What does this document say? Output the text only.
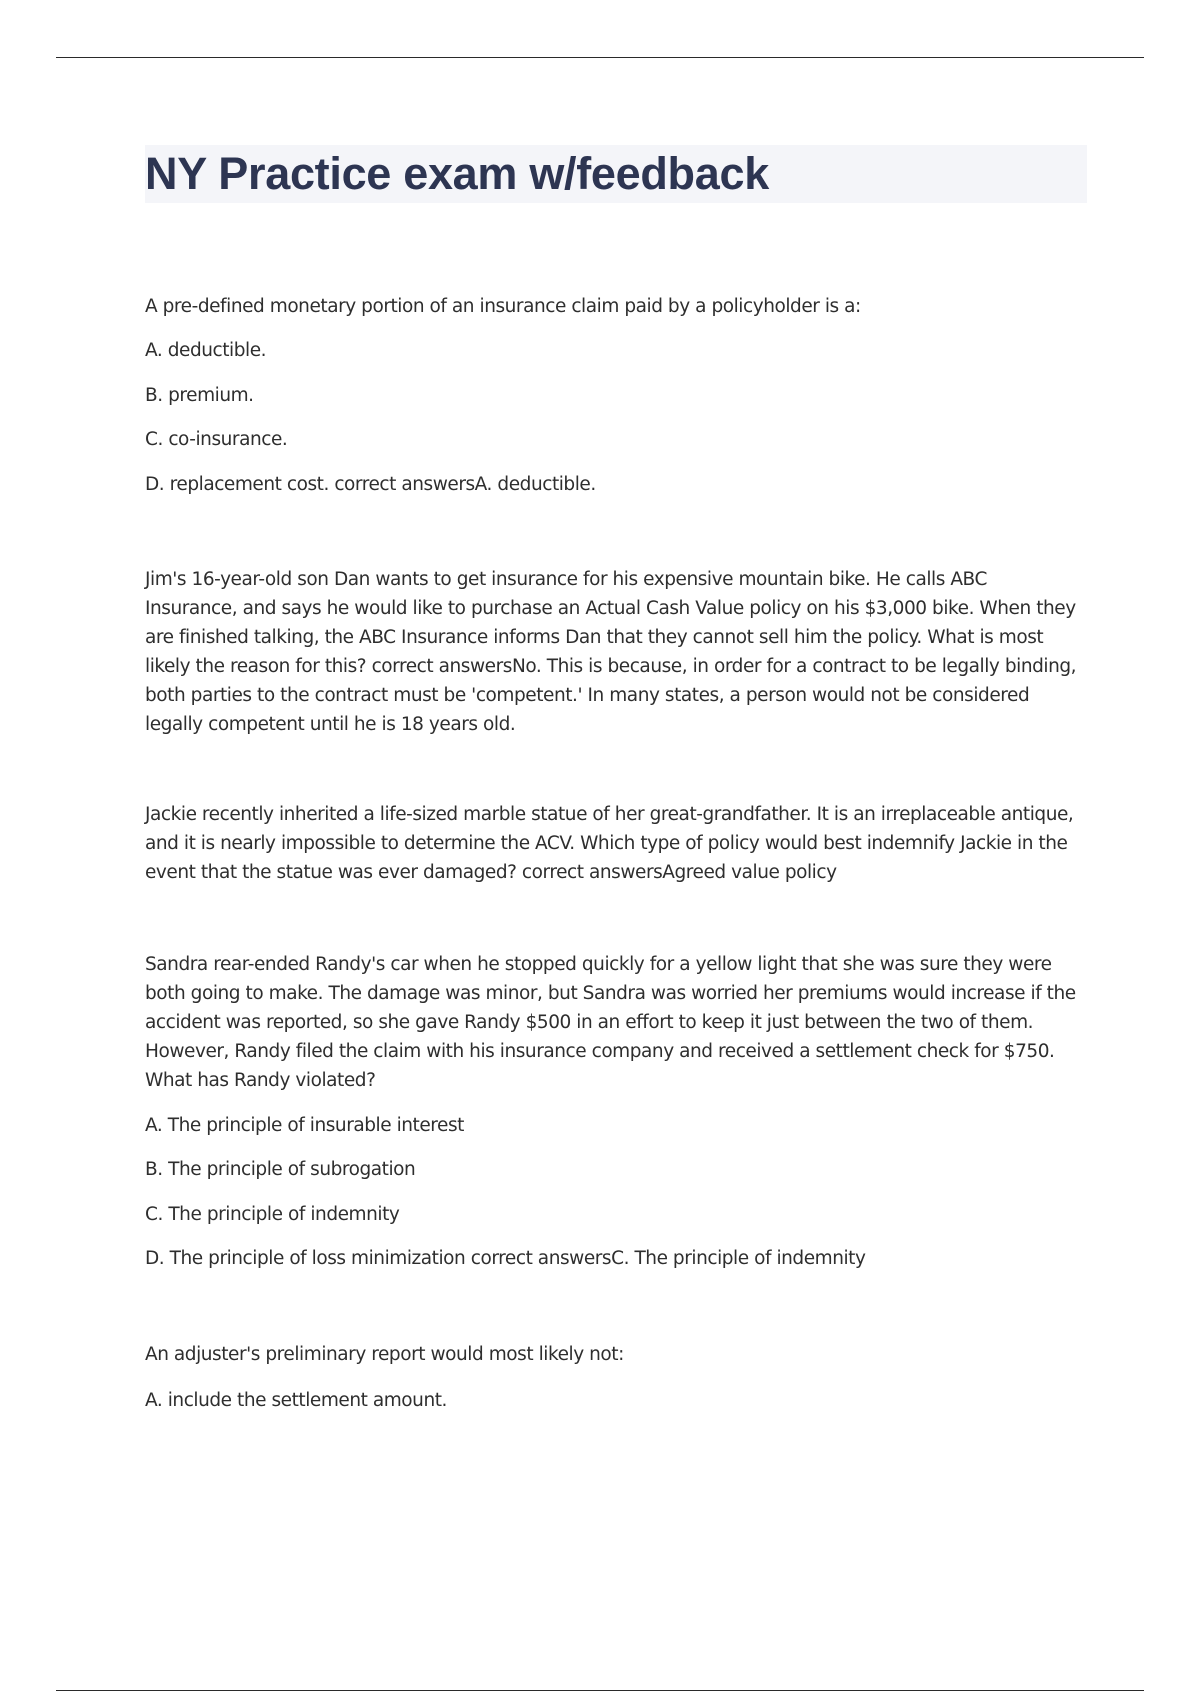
NY Practice exam w/feedback

A pre-defined monetary portion of an insurance claim paid by a policyholder is a:

A. deductible.

B. premium.

C. co-insurance.

D. replacement cost. correct answersA. deductible.

Jim's 16-year-old son Dan wants to get insurance for his expensive mountain bike. He calls ABC

Insurance, and says he would like to purchase an Actual Cash Value policy on his $3,000 bike. When they

are finished talking, the ABC Insurance informs Dan that they cannot sell him the policy. What is most

likely the reason for this? correct answersNo. This is because, in order for a contract to be legally binding,

both parties to the contract must be 'competent.' In many states, a person would not be considered

legally competent until he is 18 years old.

Jackie recently inherited a life-sized marble statue of her great-grandfather. It is an irreplaceable antique,

and it is nearly impossible to determine the ACV. Which type of policy would best indemnify Jackie in the

event that the statue was ever damaged? correct answersAgreed value policy

Sandra rear-ended Randy's car when he stopped quickly for a yellow light that she was sure they were

both going to make. The damage was minor, but Sandra was worried her premiums would increase if the

accident was reported, so she gave Randy $500 in an effort to keep it just between the two of them.

However, Randy filed the claim with his insurance company and received a settlement check for $750.

What has Randy violated?

A. The principle of insurable interest

B. The principle of subrogation

C. The principle of indemnity

D. The principle of loss minimization correct answersC. The principle of indemnity

An adjuster's preliminary report would most likely not:

A. include the settlement amount.
